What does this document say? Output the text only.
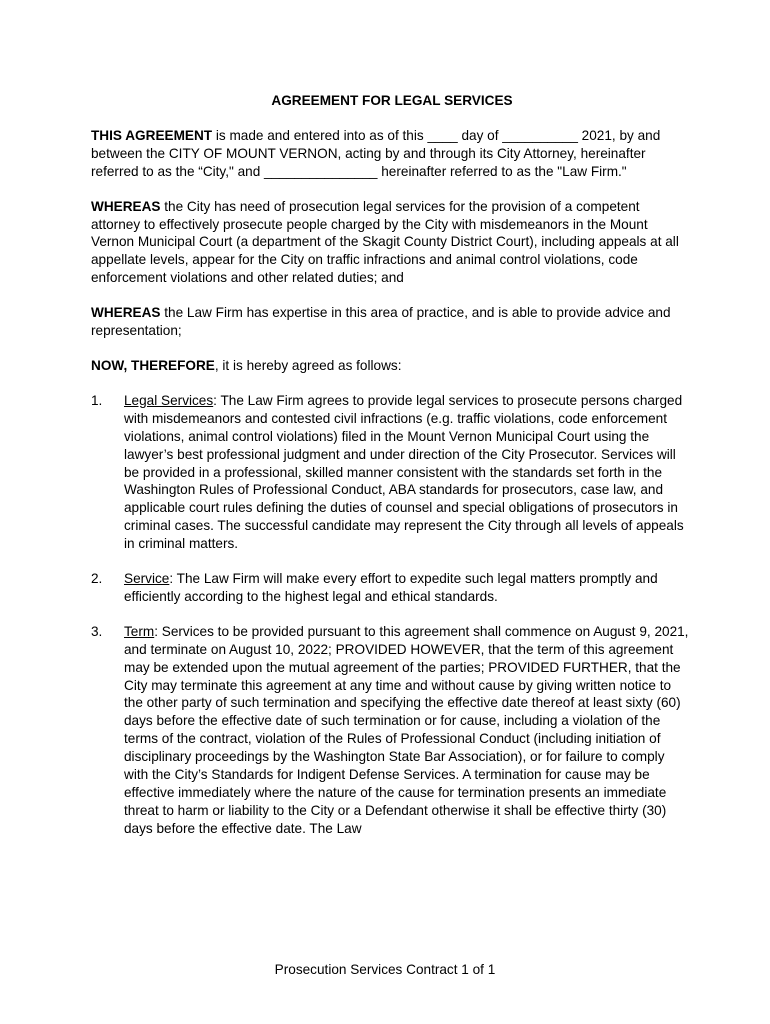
AGREEMENT FOR LEGAL SERVICES

THIS AGREEMENT is made and entered into as of this ____ day of __________ 2021, by and between the CITY OF MOUNT VERNON, acting by and through its City Attorney, hereinafter referred to as the “City," and _______________ hereinafter referred to as the "Law Firm."

WHEREAS the City has need of prosecution legal services for the provision of a competent attorney to effectively prosecute people charged by the City with misdemeanors in the Mount Vernon Municipal Court (a department of the Skagit County District Court), including appeals at all appellate levels, appear for the City on traffic infractions and animal control violations, code enforcement violations and other related duties; and

WHEREAS the Law Firm has expertise in this area of practice, and is able to provide advice and representation;

NOW, THEREFORE, it is hereby agreed as follows:

1.	Legal Services: The Law Firm agrees to provide legal services to prosecute persons charged with misdemeanors and contested civil infractions (e.g. traffic violations, code enforcement violations, animal control violations) filed in the Mount Vernon Municipal Court using the lawyer’s best professional judgment and under direction of the City Prosecutor. Services will be provided in a professional, skilled manner consistent with the standards set forth in the Washington Rules of Professional Conduct, ABA standards for prosecutors, case law, and applicable court rules defining the duties of counsel and special obligations of prosecutors in criminal cases. The successful candidate may represent the City through all levels of appeals in criminal matters.
2.	Service: The Law Firm will make every effort to expedite such legal matters promptly and efficiently according to the highest legal and ethical standards.
3.	Term: Services to be provided pursuant to this agreement shall commence on August 9, 2021, and terminate on August 10, 2022; PROVIDED HOWEVER, that the term of this agreement may be extended upon the mutual agreement of the parties; PROVIDED FURTHER, that the City may terminate this agreement at any time and without cause by giving written notice to the other party of such termination and specifying the effective date thereof at least sixty (60) days before the effective date of such termination or for cause, including a violation of the terms of the contract, violation of the Rules of Professional Conduct (including initiation of disciplinary proceedings by the Washington State Bar Association), or for failure to comply with the City’s Standards for Indigent Defense Services. A termination for cause may be effective immediately where the nature of the cause for termination presents an immediate threat to harm or liability to the City or a Defendant otherwise it shall be effective thirty (30) days before the effective date. The Law
Prosecution Services Contract 1 of 1
